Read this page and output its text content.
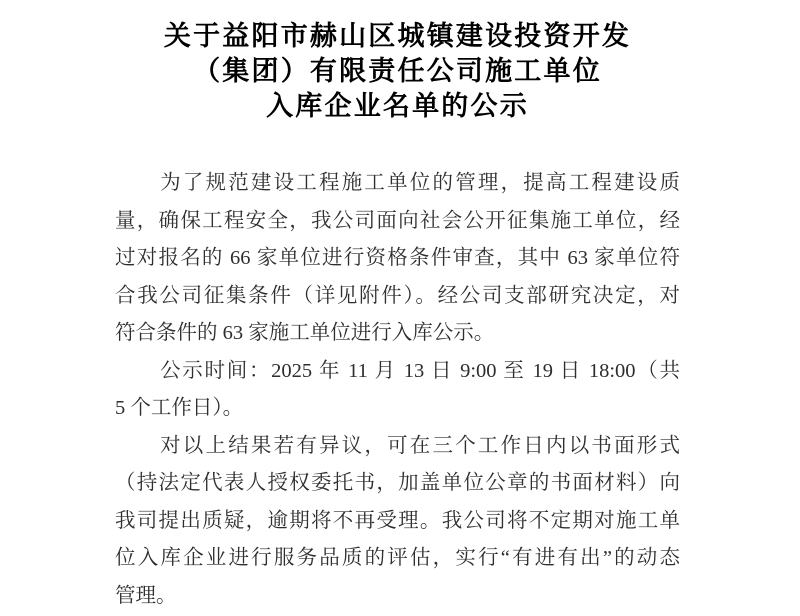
关于益阳市赫山区城镇建设投资开发
（集团）有限责任公司施工单位
入库企业名单的公示
为了规范建设工程施工单位的管理，提高工程建设质
量，确保工程安全，我公司面向社会公开征集施工单位，经
过对报名的 66 家单位进行资格条件审查，其中 63 家单位符
合我公司征集条件（详见附件）。经公司支部研究决定，对
符合条件的 63 家施工单位进行入库公示。
公示时间：2025 年 11 月 13 日 9:00 至 19 日 18:00（共
5 个工作日）。
对以上结果若有异议，可在三个工作日内以书面形式
（持法定代表人授权委托书，加盖单位公章的书面材料）向
我司提出质疑，逾期将不再受理。我公司将不定期对施工单
位入库企业进行服务品质的评估，实行“有进有出”的动态
管理。
